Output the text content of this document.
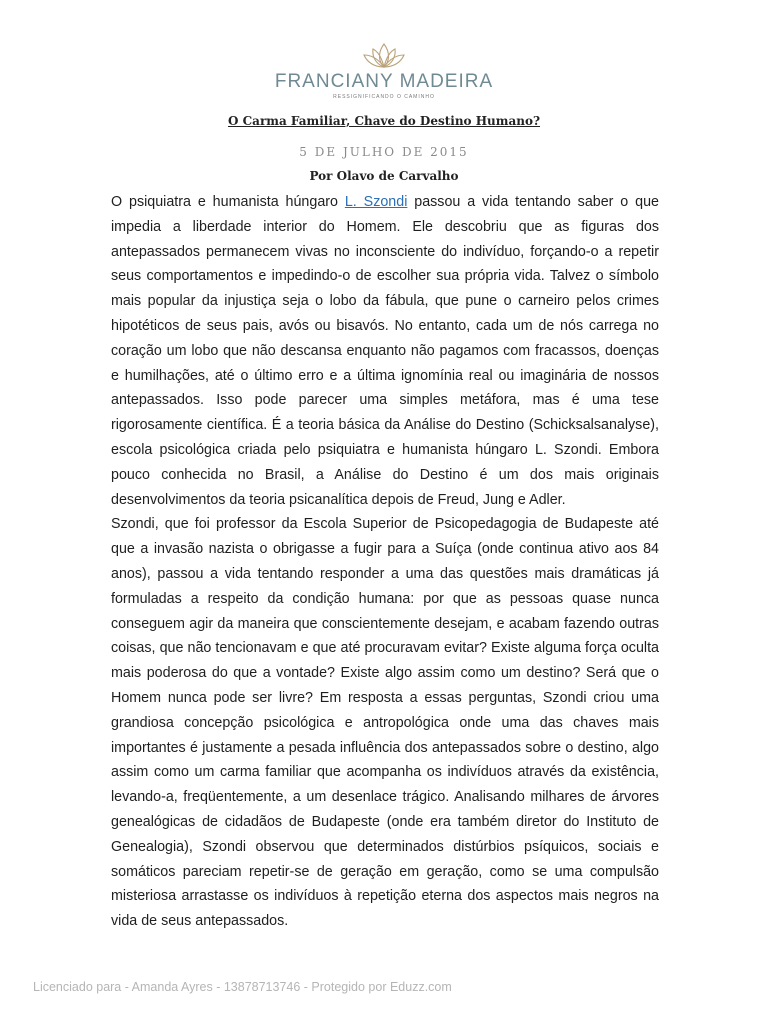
FRANCIANY MADEIRA
RESSIGNIFICANDO O CAMINHO
O Carma Familiar, Chave do Destino Humano?
5 DE JULHO DE 2015
Por Olavo de Carvalho

O psiquiatra e humanista húngaro L. Szondi passou a vida tentando saber o que impedia a liberdade interior do Homem. Ele descobriu que as figuras dos antepassados permanecem vivas no inconsciente do indivíduo, forçando-o a repetir seus comportamentos e impedindo-o de escolher sua própria vida. Talvez o símbolo mais popular da injustiça seja o lobo da fábula, que pune o carneiro pelos crimes hipotéticos de seus pais, avós ou bisavós. No entanto, cada um de nós carrega no coração um lobo que não descansa enquanto não pagamos com fracassos, doenças e humilhações, até o último erro e a última ignomínia real ou imaginária de nossos antepassados. Isso pode parecer uma simples metáfora, mas é uma tese rigorosamente científica. É a teoria básica da Análise do Destino (Schicksalsanalyse), escola psicológica criada pelo psiquiatra e humanista húngaro L. Szondi. Embora pouco conhecida no Brasil, a Análise do Destino é um dos mais originais desenvolvimentos da teoria psicanalítica depois de Freud, Jung e Adler.

Szondi, que foi professor da Escola Superior de Psicopedagogia de Budapeste até que a invasão nazista o obrigasse a fugir para a Suíça (onde continua ativo aos 84 anos), passou a vida tentando responder a uma das questões mais dramáticas já formuladas a respeito da condição humana: por que as pessoas quase nunca conseguem agir da maneira que conscientemente desejam, e acabam fazendo outras coisas, que não tencionavam e que até procuravam evitar? Existe alguma força oculta mais poderosa do que a vontade? Existe algo assim como um destino? Será que o Homem nunca pode ser livre? Em resposta a essas perguntas, Szondi criou uma grandiosa concepção psicológica e antropológica onde uma das chaves mais importantes é justamente a pesada influência dos antepassados sobre o destino, algo assim como um carma familiar que acompanha os indivíduos através da existência, levando-a, freqüentemente, a um desenlace trágico. Analisando milhares de árvores genealógicas de cidadãos de Budapeste (onde era também diretor do Instituto de Genealogia), Szondi observou que determinados distúrbios psíquicos, sociais e somáticos pareciam repetir-se de geração em geração, como se uma compulsão misteriosa arrastasse os indivíduos à repetição eterna dos aspectos mais negros na vida de seus antepassados.

Licenciado para - Amanda Ayres - 13878713746 - Protegido por Eduzz.com
